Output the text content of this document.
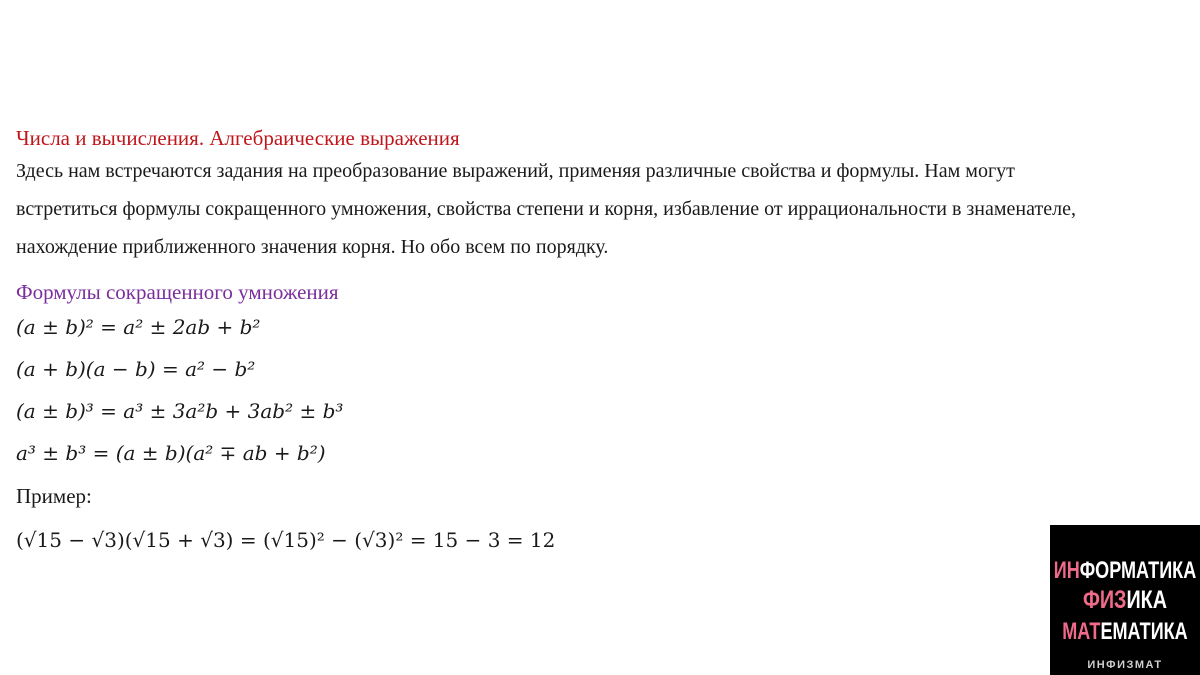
Числа и вычисления. Алгебраические выражения

Здесь нам встречаются задания на преобразование выражений, применяя различные свойства и формулы. Нам могут

встретиться формулы сокращенного умножения, свойства степени и корня, избавление от иррациональности в знаменателе,

нахождение приближенного значения корня. Но обо всем по порядку.

Формулы сокращенного умножения

(a ± b)² = a² ± 2ab + b²
(a + b)(a − b) = a² − b²
(a ± b)³ = a³ ± 3a²b + 3ab² ± b³
a³ ± b³ = (a ± b)(a² ∓ ab + b²)
Пример:
(√15 − √3)(√15 + √3) = (√15)² − (√3)² = 15 − 3 = 12
ИНФОРМАТИКА
ФИЗИКА
МАТЕМАТИКА
ИНФИЗМАТ
